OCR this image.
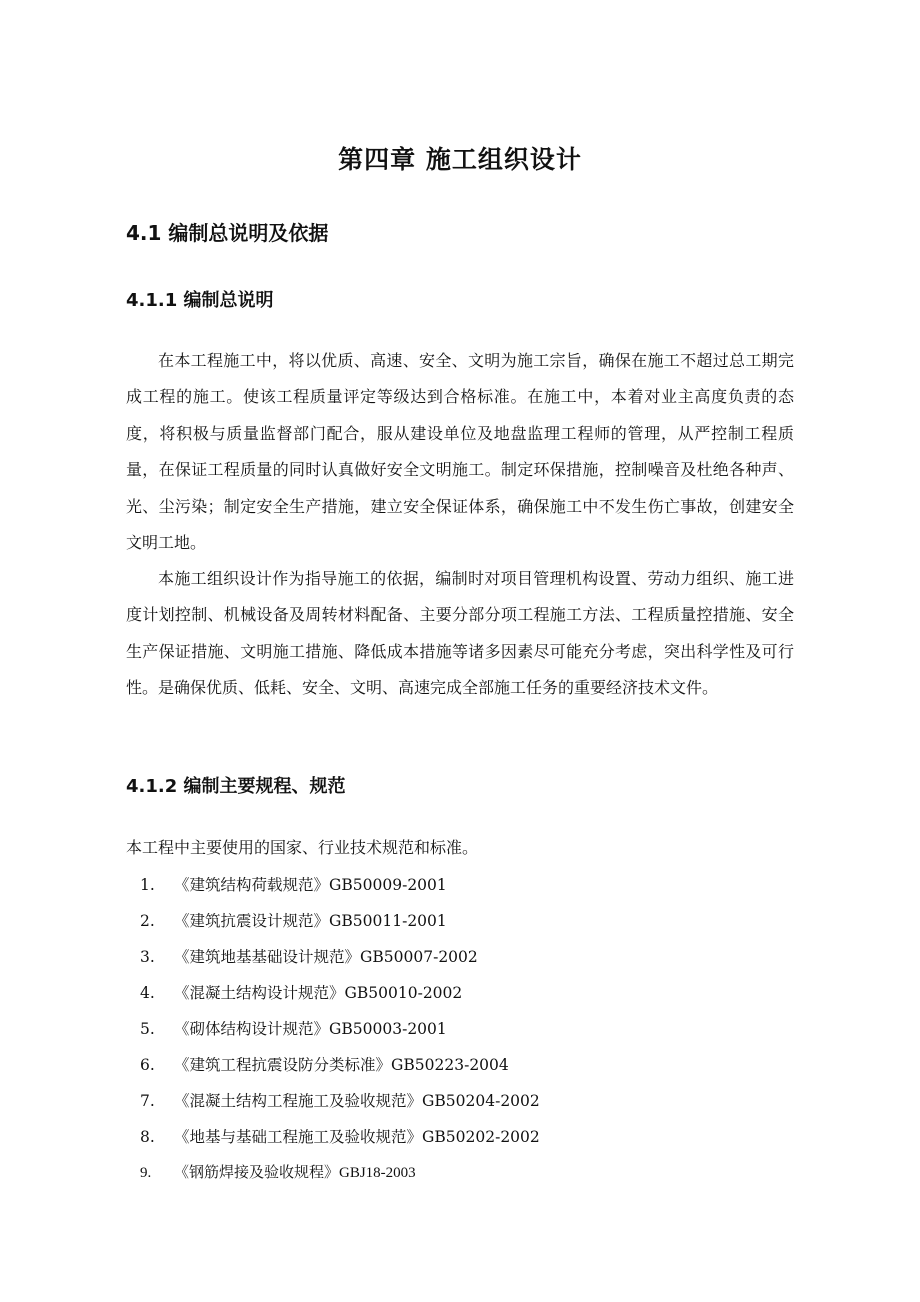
第四章 施工组织设计
4.1 编制总说明及依据
4.1.1 编制总说明

在本工程施工中，将以优质、高速、安全、文明为施工宗旨，确保在施工不超过总工期完成工程的施工。使该工程质量评定等级达到合格标准。在施工中，本着对业主高度负责的态度，将积极与质量监督部门配合，服从建设单位及地盘监理工程师的管理，从严控制工程质量，在保证工程质量的同时认真做好安全文明施工。制定环保措施，控制噪音及杜绝各种声、光、尘污染；制定安全生产措施，建立安全保证体系，确保施工中不发生伤亡事故，创建安全文明工地。

本施工组织设计作为指导施工的依据，编制时对项目管理机构设置、劳动力组织、施工进度计划控制、机械设备及周转材料配备、主要分部分项工程施工方法、工程质量控措施、安全生产保证措施、文明施工措施、降低成本措施等诸多因素尽可能充分考虑，突出科学性及可行性。是确保优质、低耗、安全、文明、高速完成全部施工任务的重要经济技术文件。

4.1.2 编制主要规程、规范

本工程中主要使用的国家、行业技术规范和标准。

1. 《建筑结构荷载规范》GB50009-2001
2. 《建筑抗震设计规范》GB50011-2001
3. 《建筑地基基础设计规范》GB50007-2002
4. 《混凝土结构设计规范》GB50010-2002
5. 《砌体结构设计规范》GB50003-2001
6. 《建筑工程抗震设防分类标准》GB50223-2004
7. 《混凝土结构工程施工及验收规范》GB50204-2002
8. 《地基与基础工程施工及验收规范》GB50202-2002
9. 《钢筋焊接及验收规程》GBJ18-2003
